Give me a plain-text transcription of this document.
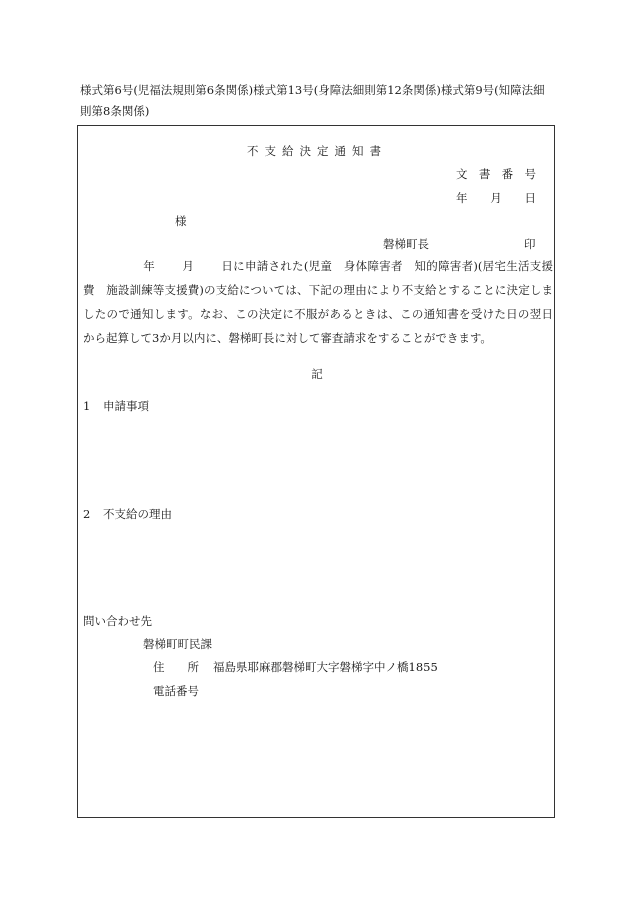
様式第6号(児福法規則第6条関係)様式第13号(身障法細則第12条関係)様式第9号(知障法細則第8条関係)
不支給決定通知書
文 書 番 号
年 月 日
様
磐梯町長	印
年 月 日に申請された(児童　身体障害者　知的障害者)(居宅生活支援費　施設訓練等支援費)の支給については、下記の理由により不支給とすることに決定しましたので通知します。なお、この決定に不服があるときは、この通知書を受けた日の翌日から起算して3か月以内に、磐梯町長に対して審査請求をすることができます。
記
1 申請事項
2 不支給の理由
問い合わせ先
磐梯町町民課
住　　所 福島県耶麻郡磐梯町大字磐梯字中ノ橋1855
電話番号
